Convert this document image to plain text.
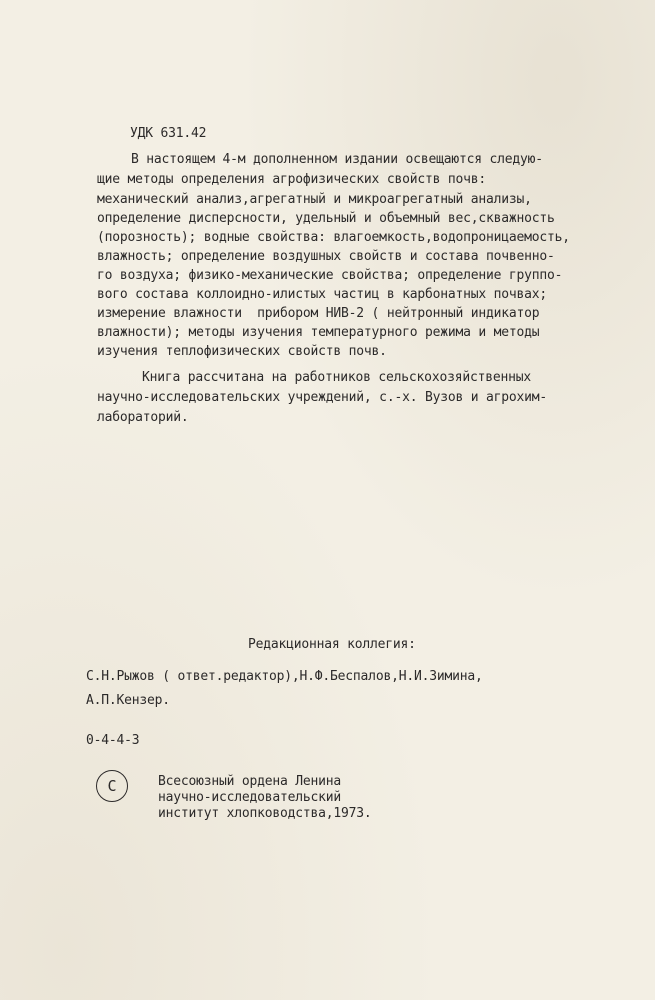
УДК 631.42
В настоящем 4-м дополненном издании освещаются следую-
щие методы определения агрофизических свойств почв:
механический анализ,агрегатный и микроагрегатный анализы,
определение дисперсности, удельный и объемный вес,скважность
(порозность); водные свойства: влагоемкость,водопроницаемость,
влажность; определение воздушных свойств и состава почвенно-
го воздуха; физико-механические свойства; определение группо-
вого состава коллоидно-илистых частиц в карбонатных почвах;
измерение влажности  прибором НИВ-2 ( нейтронный индикатор
влажности); методы изучения температурного режима и методы
изучения теплофизических свойств почв.
Книга рассчитана на работников сельскохозяйственных
научно-исследовательских учреждений, с.-х. Вузов и агрохим-
лабораторий.
Редакционная коллегия:
С.Н.Рыжов ( ответ.редактор),Н.Ф.Беспалов,Н.И.Зимина,
А.П.Кензер.
0-4-4-3
C	Всесоюзный ордена Ленина
научно-исследовательский
институт хлопководства,1973.
